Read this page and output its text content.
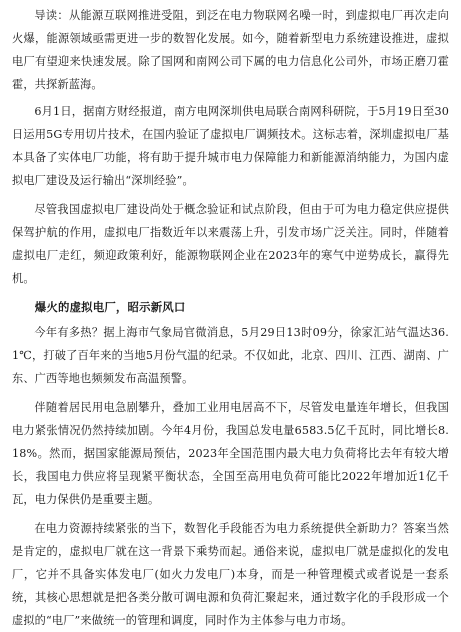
导读：从能源互联网推进受阻，到泛在电力物联网名噪一时，到虚拟电厂再次走向火爆，能源领域亟需更进一步的数智化发展。如今，随着新型电力系统建设推进，虚拟电厂有望迎来快速发展。除了国网和南网公司下属的电力信息化公司外，市场正磨刀霍霍，共探新蓝海。

6月1日，据南方财经报道，南方电网深圳供电局联合南网科研院，于5月19日至30日运用5G专用切片技术，在国内验证了虚拟电厂调频技术。这标志着，深圳虚拟电厂基本具备了实体电厂功能，将有助于提升城市电力保障能力和新能源消纳能力，为国内虚拟电厂建设及运行输出“深圳经验”。

尽管我国虚拟电厂建设尚处于概念验证和试点阶段，但由于可为电力稳定供应提供保驾护航的作用，虚拟电厂指数近年以来震荡上升，引发市场广泛关注。同时，伴随着虚拟电厂走红，频迎政策利好，能源物联网企业在2023年的寒气中逆势成长，赢得先机。

爆火的虚拟电厂，昭示新风口

今年有多热？据上海市气象局官微消息，5月29日13时09分，徐家汇站气温达36.1℃，打破了百年来的当地5月份气温的纪录。不仅如此，北京、四川、江西、湖南、广东、广西等地也频频发布高温预警。

伴随着居民用电急剧攀升，叠加工业用电居高不下，尽管发电量连年增长，但我国电力紧张情况仍然持续加剧。今年4月份，我国总发电量6583.5亿千瓦时，同比增长8.18%。然而，据国家能源局预估，2023年全国范围内最大电力负荷将比去年有较大增长，我国电力供应将呈现紧平衡状态，全国至高用电负荷可能比2022年增加近1亿千瓦，电力保供仍是重要主题。

在电力资源持续紧张的当下，数智化手段能否为电力系统提供全新助力？答案当然是肯定的，虚拟电厂就在这一背景下乘势而起。通俗来说，虚拟电厂就是虚拟化的发电厂，它并不具备实体发电厂(如火力发电厂)本身，而是一种管理模式或者说是一套系统，其核心思想就是把各类分散可调电源和负荷汇聚起来，通过数字化的手段形成一个虚拟的“电厂”来做统一的管理和调度，同时作为主体参与电力市场。
